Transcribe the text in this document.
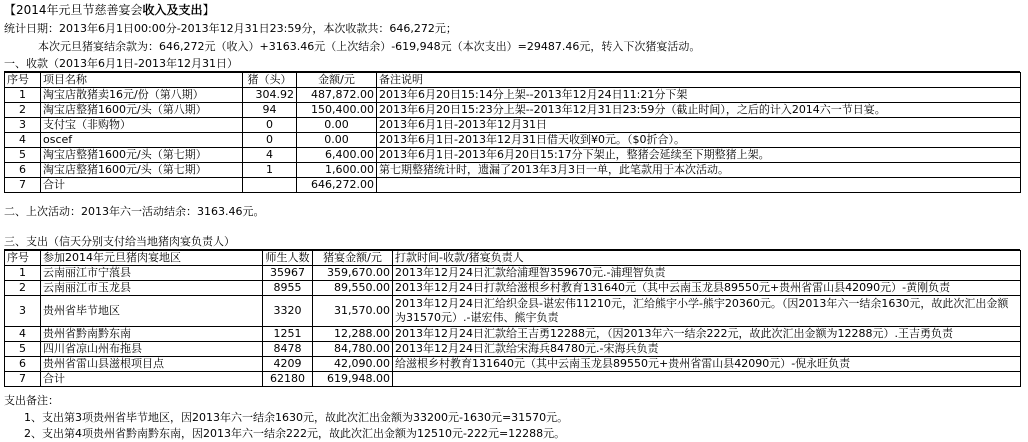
【2014年元旦节慈善宴会收入及支出】
统计日期：2013年6月1日00:00分-2013年12月31日23:59分，本次收款共：646,272元；
本次元旦猪宴结余款为：646,272元（收入）+3163.46元（上次结余）-619,948元（本次支出）=29487.46元，转入下次猪宴活动。
一、收款（2013年6月1日-2013年12月31日）
序号	项目名称	猪（头）	金额/元	备注说明
1	淘宝店散猪卖16元/份（第八期）	304.92	487,872.00	2013年6月20日15:14分上架--2013年12月24日11:21分下架
2	淘宝店整猪1600元/头（第八期）	94	150,400.00	2013年6月20日15:23分上架--2013年12月31日23:59分（截止时间），之后的计入2014六一节日宴。
3	支付宝（非购物）	0	0.00	2013年6月1日-2013年12月31日
4	oscef	0	0.00	2013年6月1日-2013年12月31日借天收到¥0元。（$0折合）。
5	淘宝店整猪1600元/头（第七期）	4	6,400.00	2013年6月1日-2013年6月20日15:17分下架止，整猪会延续至下期整猪上架。
6	淘宝店整猪1600元/头（第七期）	1	1,600.00	第七期整猪统计时，遗漏了2013年3月3日一单，此笔款用于本次活动。
7	合计		646,272.00	
二、上次活动：2013年六一活动结余：3163.46元。
三、支出（信天分别支付给当地猪肉宴负责人）
序号	参加2014年元旦猪肉宴地区	师生人数	猪宴金额/元	打款时间-收款/猪宴负责人
1	云南丽江市宁蒗县	35967	359,670.00	2013年12月24日汇款给浦理智359670元.-浦理智负责
2	云南丽江市玉龙县	8955	89,550.00	2013年12月24日打款给滋根乡村教育131640元（其中云南玉龙县89550元+贵州省雷山县42090元）-黄刚负责
3	贵州省毕节地区	3320	31,570.00	2013年12月24日汇给织金县-谌宏伟11210元，汇给熊宇小学-熊宇20360元。（因2013年六一结余1630元，故此次汇出金额为31570元）.-谌宏伟、熊宇负责
4	贵州省黔南黔东南	1251	12,288.00	2013年12月24日汇款给王吉勇12288元，（因2013年六一结余222元，故此次汇出金额为12288元）.王吉勇负责
5	四川省凉山州布拖县	8478	84,780.00	2013年12月24日汇款给宋海兵84780元.-宋海兵负责
6	贵州省雷山县滋根项目点	4209	42,090.00	给滋根乡村教育131640元（其中云南玉龙县89550元+贵州省雷山县42090元）-倪永旺负责
7	合计	62180	619,948.00	
支出备注：
1、支出第3项贵州省毕节地区，因2013年六一结余1630元，故此次汇出金额为33200元-1630元=31570元。
2、支出第4项贵州省黔南黔东南，因2013年六一结余222元，故此次汇出金额为12510元-222元=12288元。
